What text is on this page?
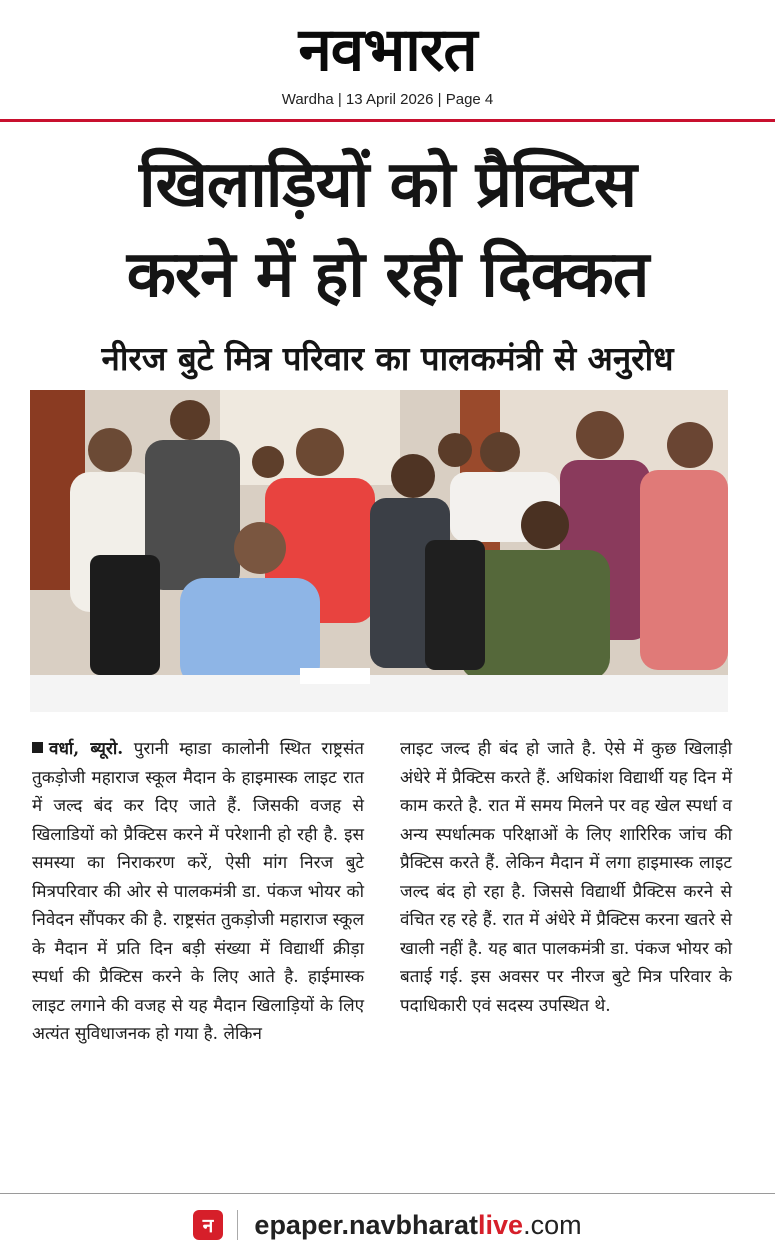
नवभारत
Wardha | 13 April 2026 | Page 4
खिलाड़ियों को प्रैक्टिस
करने में हो रही दिक्कत
नीरज बुटे मित्र परिवार का पालकमंत्री से अनुरोध
वर्धा, ब्यूरो. पुरानी म्हाडा कालोनी स्थित राष्ट्रसंत तुकड़ोजी महाराज स्कूल मैदान के हाइमास्क लाइट रात में जल्द बंद कर दिए जाते हैं. जिसकी वजह से खिलाडियों को प्रैक्टिस करने में परेशानी हो रही है. इस समस्या का निराकरण करें, ऐसी मांग निरज बुटे मित्रपरिवार की ओर से पालकमंत्री डा. पंकज भोयर को निवेदन सौंपकर की है. राष्ट्रसंत तुकड़ोजी महाराज स्कूल के मैदान में प्रति दिन बड़ी संख्या में विद्यार्थी क्रीड़ा स्पर्धा की प्रैक्टिस करने के लिए आते है. हाईमास्क लाइट लगाने की वजह से यह मैदान खिलाड़ियों के लिए अत्यंत सुविधाजनक हो गया है. लेकिन
लाइट जल्द ही बंद हो जाते है. ऐसे में कुछ खिलाड़ी अंधेरे में प्रैक्टिस करते हैं. अधिकांश विद्यार्थी यह दिन में काम करते है. रात में समय मिलने पर वह खेल स्पर्धा व अन्य स्पर्धात्मक परिक्षाओं के लिए शारिरिक जांच की प्रैक्टिस करते हैं. लेकिन मैदान में लगा हाइमास्क लाइट जल्द बंद हो रहा है. जिससे विद्यार्थी प्रैक्टिस करने से वंचित रह रहे हैं. रात में अंधेरे में प्रैक्टिस करना खतरे से खाली नहीं है. यह बात पालकमंत्री डा. पंकज भोयर को बताई गई. इस अवसर पर नीरज बुटे मित्र परिवार के पदाधिकारी एवं सदस्य उपस्थित थे.
न epaper.navbharatlive.com
